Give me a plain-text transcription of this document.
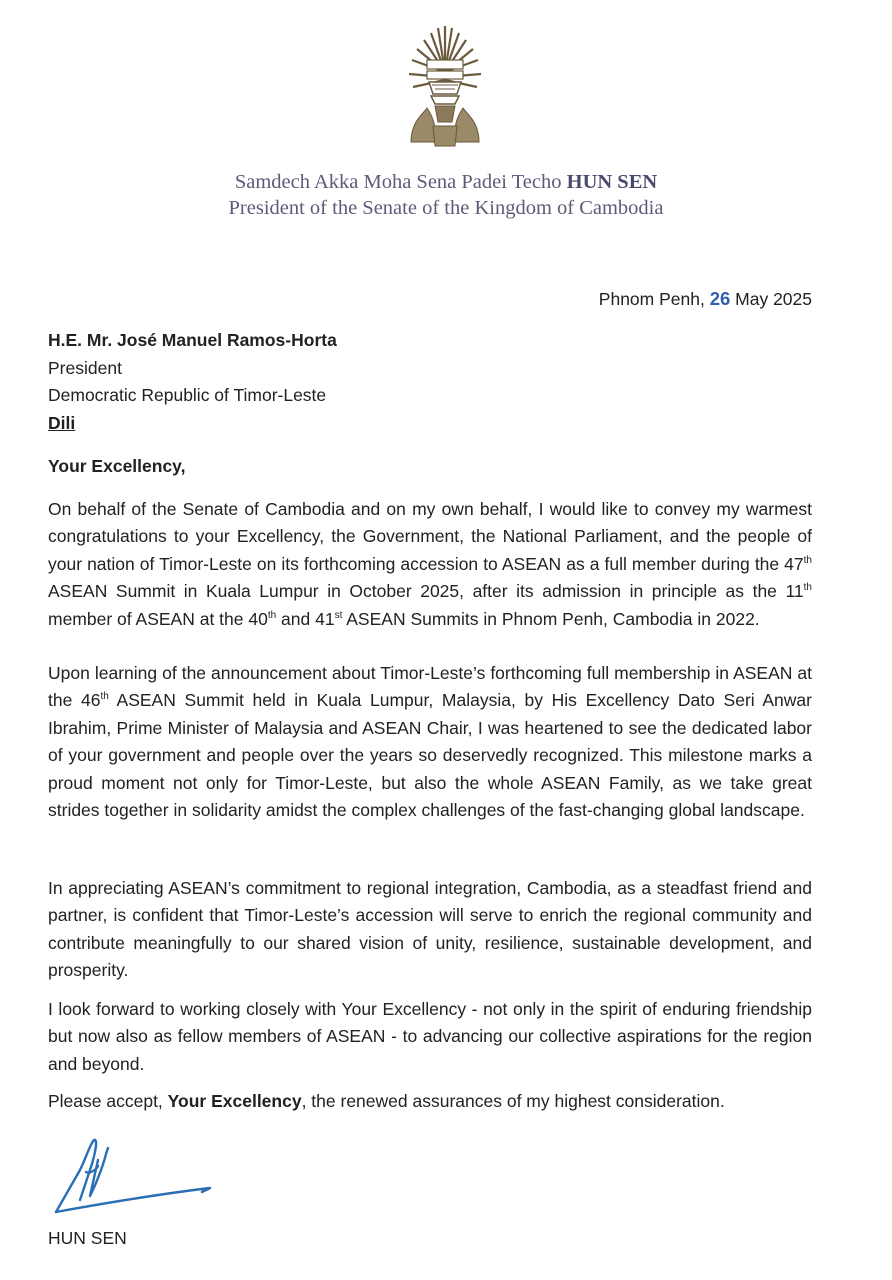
Samdech Akka Moha Sena Padei Techo HUN SEN
President of the Senate of the Kingdom of Cambodia
Phnom Penh, 26 May 2025
H.E. Mr. José Manuel Ramos-Horta
President
Democratic Republic of Timor-Leste
Dili
Your Excellency,
On behalf of the Senate of Cambodia and on my own behalf, I would like to convey my warmest congratulations to your Excellency, the Government, the National Parliament, and the people of your nation of Timor-Leste on its forthcoming accession to ASEAN as a full member during the 47th ASEAN Summit in Kuala Lumpur in October 2025, after its admission in principle as the 11th member of ASEAN at the 40th and 41st ASEAN Summits in Phnom Penh, Cambodia in 2022.
Upon learning of the announcement about Timor-Leste’s forthcoming full membership in ASEAN at the 46th ASEAN Summit held in Kuala Lumpur, Malaysia, by His Excellency Dato Seri Anwar Ibrahim, Prime Minister of Malaysia and ASEAN Chair, I was heartened to see the dedicated labor of your government and people over the years so deservedly recognized. This milestone marks a proud moment not only for Timor-Leste, but also the whole ASEAN Family, as we take great strides together in solidarity amidst the complex challenges of the fast-changing global landscape.
In appreciating ASEAN’s commitment to regional integration, Cambodia, as a steadfast friend and partner, is confident that Timor-Leste’s accession will serve to enrich the regional community and contribute meaningfully to our shared vision of unity, resilience, sustainable development, and prosperity.
I look forward to working closely with Your Excellency - not only in the spirit of enduring friendship but now also as fellow members of ASEAN - to advancing our collective aspirations for the region and beyond.
Please accept, Your Excellency, the renewed assurances of my highest consideration.
HUN SEN
